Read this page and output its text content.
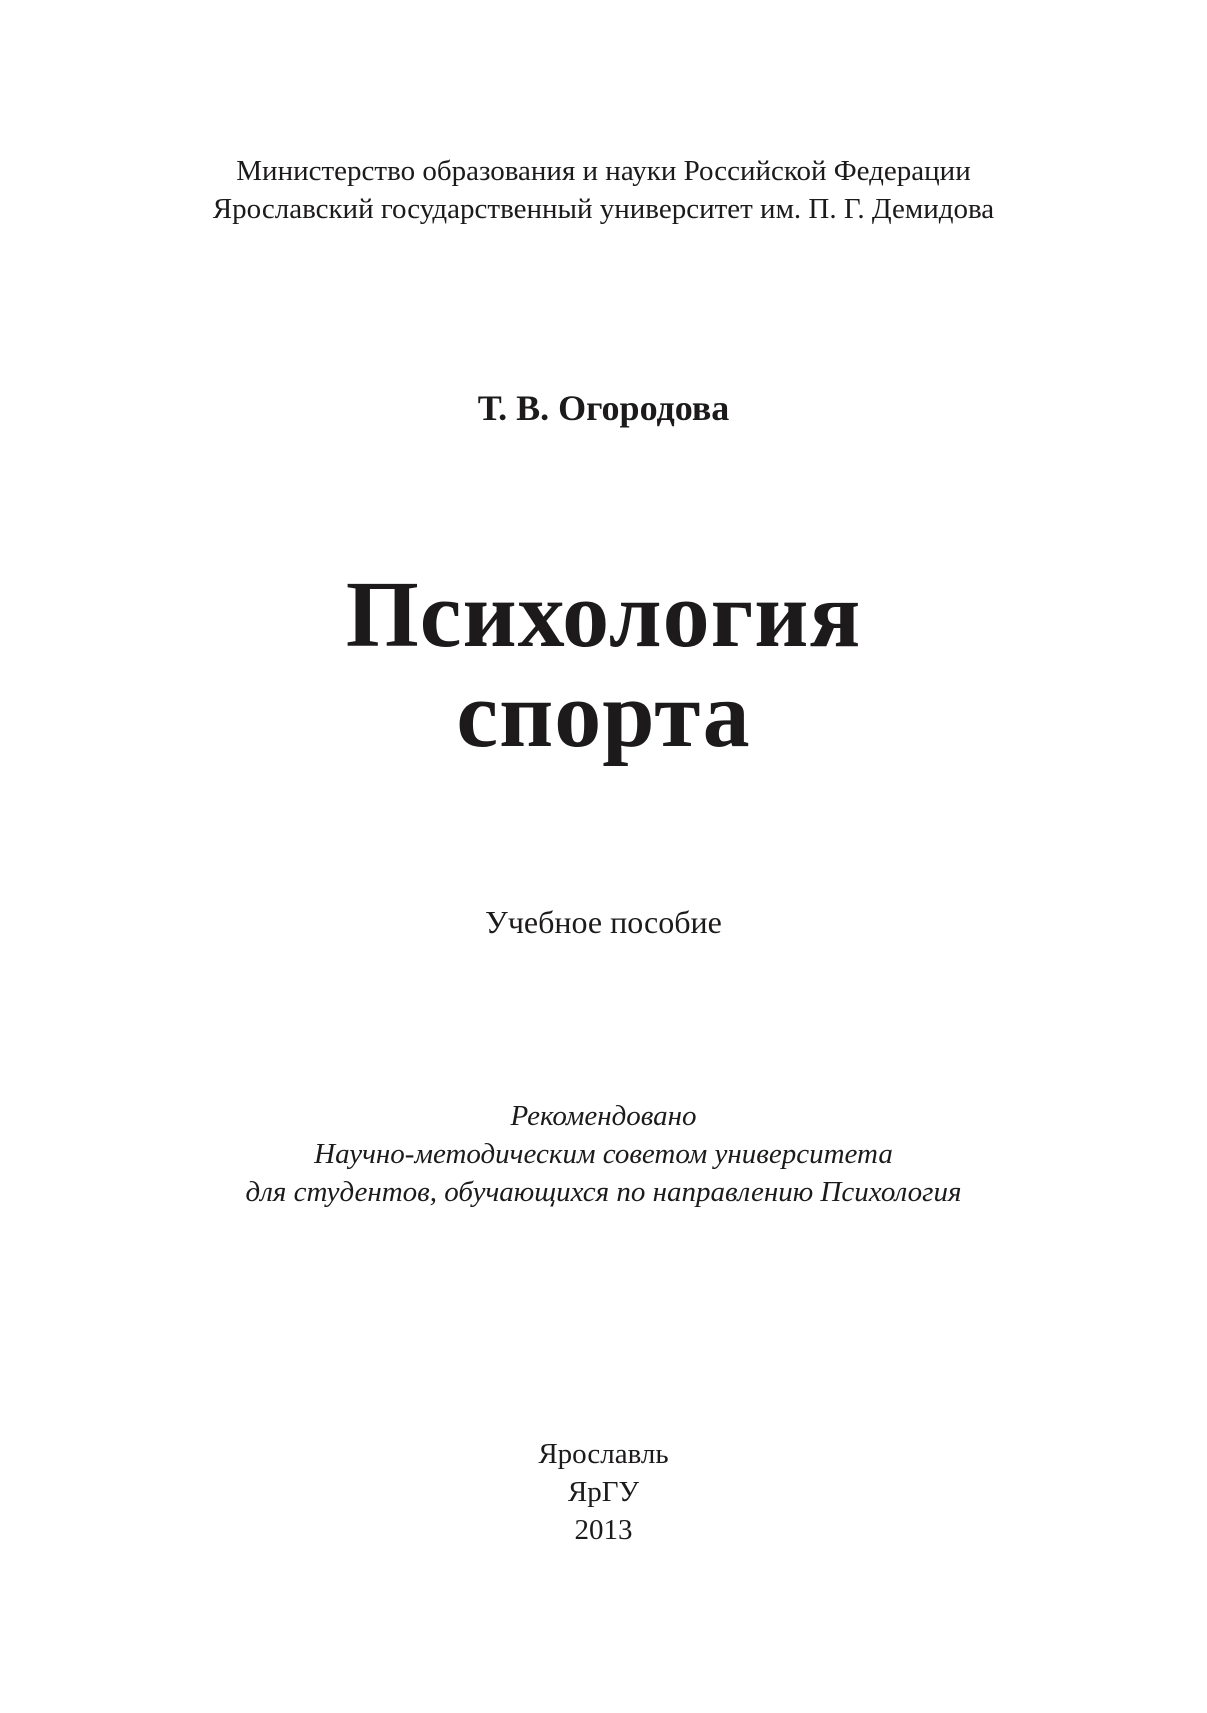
Министерство образования и науки Российской Федерации
Ярославский государственный университет им. П. Г. Демидова
Т. В. Огородова
Психология
спорта
Учебное пособие
Рекомендовано
Научно-методическим советом университета
для студентов, обучающихся по направлению Психология
Ярославль
ЯрГУ
2013
